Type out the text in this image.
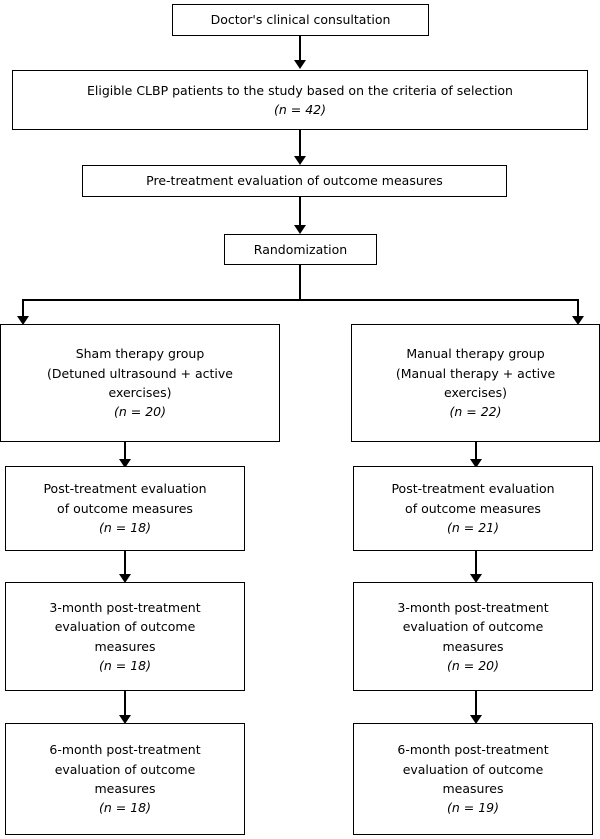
Doctor's clinical consultation
Eligible CLBP patients to the study based on the criteria of selection
(n = 42)
Pre-treatment evaluation of outcome measures
Randomization
Sham therapy group
(Detuned ultrasound + active
exercises)
(n = 20)
Manual therapy group
(Manual therapy + active
exercises)
(n = 22)
Post-treatment evaluation
of outcome measures
(n = 18)
Post-treatment evaluation
of outcome measures
(n = 21)
3-month post-treatment
evaluation of outcome
measures
(n = 18)
3-month post-treatment
evaluation of outcome
measures
(n = 20)
6-month post-treatment
evaluation of outcome
measures
(n = 18)
6-month post-treatment
evaluation of outcome
measures
(n = 19)
